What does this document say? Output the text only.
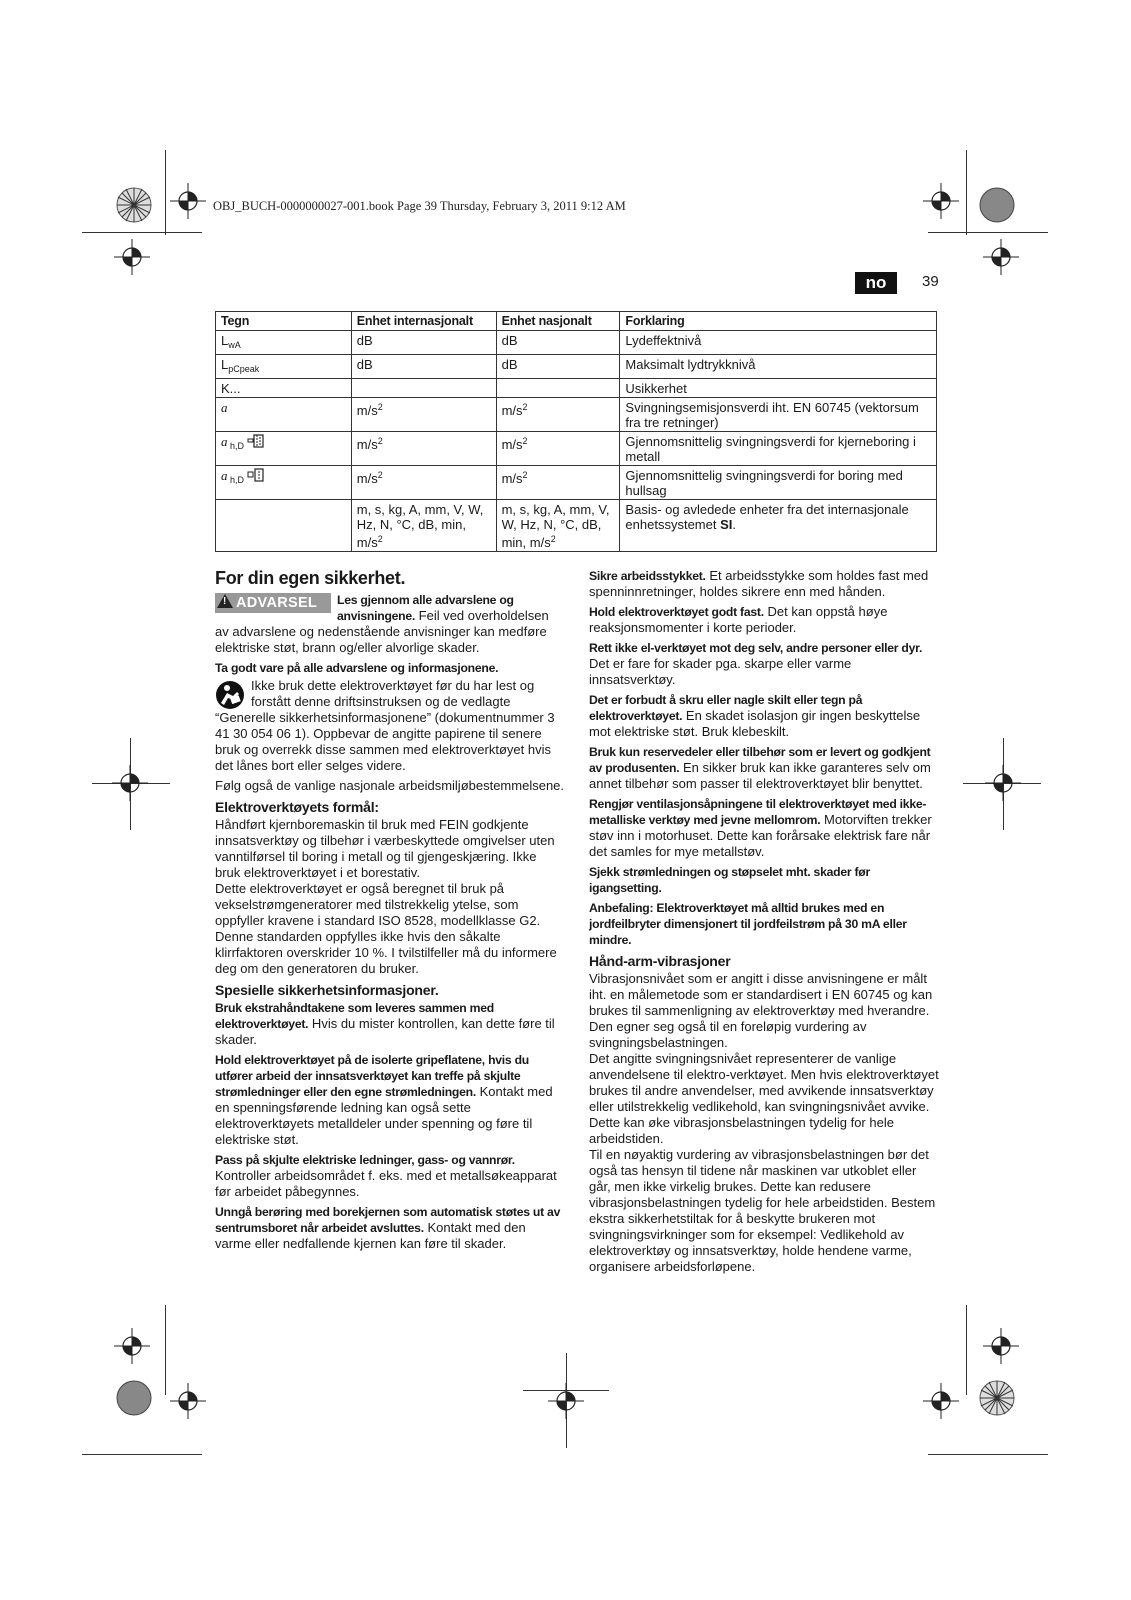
OBJ_BUCH-0000000027-001.book Page 39 Thursday, February 3, 2011 9:12 AM
no	39
Tegn	Enhet internasjonalt	Enhet nasjonalt	Forklaring
$L_{wA}$	dB	dB	Lydeffektnivå
$L_{pCpeak}$	dB	dB	Maksimalt lydtrykknivå
K...			Usikkerhet
a	$m/s^2$	$m/s^2$	Svingningsemisjonsverdi iht. EN 60745 (vektorsum fra tre retninger)
a $_{h,D}$	$m/s^2$	$m/s^2$	Gjennomsnittelig svingningsverdi for kjerneboring i metall
a $_{h,D}$	$m/s^2$	$m/s^2$	Gjennomsnittelig svingningsverdi for boring med hullsag
	m, s, kg, A, mm, V, W, Hz, N, °C, dB, min, $m/s^2$	m, s, kg, A, mm, V, W, Hz, N, °C, dB, min, $m/s^2$	Basis- og avledede enheter fra det internasjonale enhetssystemet SI.
For din egen sikkerhet.

! ADVARSEL	Les gjennom alle advarslene og anvisningene. Feil ved overholdelsen av advarslene og nedenstående anvisninger kan medføre elektriske støt, brann og/eller alvorlige skader.

Ta godt vare på alle advarslene og informasjonene.

Ikke bruk dette elektroverktøyet før du har lest og forstått denne driftsinstruksen og de vedlagte “Generelle sikkerhetsinformasjonene” (dokumentnummer 3 41 30 054 06 1). Oppbevar de angitte papirene til senere bruk og overrekk disse sammen med elektroverktøyet hvis det lånes bort eller selges videre.

Følg også de vanlige nasjonale arbeidsmiljøbestemmelsene.

Elektroverktøyets formål:

Håndført kjernboremaskin til bruk med FEIN godkjente innsatsverktøy og tilbehør i værbeskyttede omgivelser uten vanntilførsel til boring i metall og til gjengeskjæring. Ikke bruk elektroverktøyet i et borestativ.

Dette elektroverktøyet er også beregnet til bruk på vekselstrømgeneratorer med tilstrekkelig ytelse, som oppfyller kravene i standard ISO 8528, modellklasse G2. Denne standarden oppfylles ikke hvis den såkalte klirrfaktoren overskrider 10 %. I tvilstilfeller må du informere deg om den generatoren du bruker.

Spesielle sikkerhetsinformasjoner.

Bruk ekstrahåndtakene som leveres sammen med elektroverktøyet. Hvis du mister kontrollen, kan dette føre til skader.

Hold elektroverktøyet på de isolerte gripeflatene, hvis du utfører arbeid der innsatsverktøyet kan treffe på skjulte strømledninger eller den egne strømledningen. Kontakt med en spenningsførende ledning kan også sette elektroverktøyets metalldeler under spenning og føre til elektriske støt.

Pass på skjulte elektriske ledninger, gass- og vannrør. Kontroller arbeidsområdet f. eks. med et metallsøkeapparat før arbeidet påbegynnes.

Unngå berøring med borekjernen som automatisk støtes ut av sentrumsboret når arbeidet avsluttes. Kontakt med den varme eller nedfallende kjernen kan føre til skader.

Sikre arbeidsstykket. Et arbeidsstykke som holdes fast med spenninnretninger, holdes sikrere enn med hånden.

Hold elektroverktøyet godt fast. Det kan oppstå høye reaksjonsmomenter i korte perioder.

Rett ikke el-verktøyet mot deg selv, andre personer eller dyr. Det er fare for skader pga. skarpe eller varme innsatsverktøy.

Det er forbudt å skru eller nagle skilt eller tegn på elektroverktøyet. En skadet isolasjon gir ingen beskyttelse mot elektriske støt. Bruk klebeskilt.

Bruk kun reservedeler eller tilbehør som er levert og godkjent av produsenten. En sikker bruk kan ikke garanteres selv om annet tilbehør som passer til elektroverktøyet blir benyttet.

Rengjør ventilasjonsåpningene til elektroverktøyet med ikke-metalliske verktøy med jevne mellomrom. Motorviften trekker støv inn i motorhuset. Dette kan forårsake elektrisk fare når det samles for mye metallstøv.

Sjekk strømledningen og støpselet mht. skader før igangsetting.

Anbefaling: Elektroverktøyet må alltid brukes med en jordfeilbryter dimensjonert til jordfeilstrøm på 30 mA eller mindre.

Hånd-arm-vibrasjoner

Vibrasjonsnivået som er angitt i disse anvisningene er målt iht. en målemetode som er standardisert i EN 60745 og kan brukes til sammenligning av elektroverktøy med hverandre. Den egner seg også til en foreløpig vurdering av svingningsbelastningen.

Det angitte svingningsnivået representerer de vanlige anvendelsene til elektro-verktøyet. Men hvis elektroverktøyet brukes til andre anvendelser, med avvikende innsatsverktøy eller utilstrekkelig vedlikehold, kan svingningsnivået avvike. Dette kan øke vibrasjonsbelastningen tydelig for hele arbeidstiden.

Til en nøyaktig vurdering av vibrasjonsbelastningen bør det også tas hensyn til tidene når maskinen var utkoblet eller går, men ikke virkelig brukes. Dette kan redusere vibrasjonsbelastningen tydelig for hele arbeidstiden. Bestem ekstra sikkerhetstiltak for å beskytte brukeren mot svingningsvirkninger som for eksempel: Vedlikehold av elektroverktøy og innsatsverktøy, holde hendene varme, organisere arbeidsforløpene.
